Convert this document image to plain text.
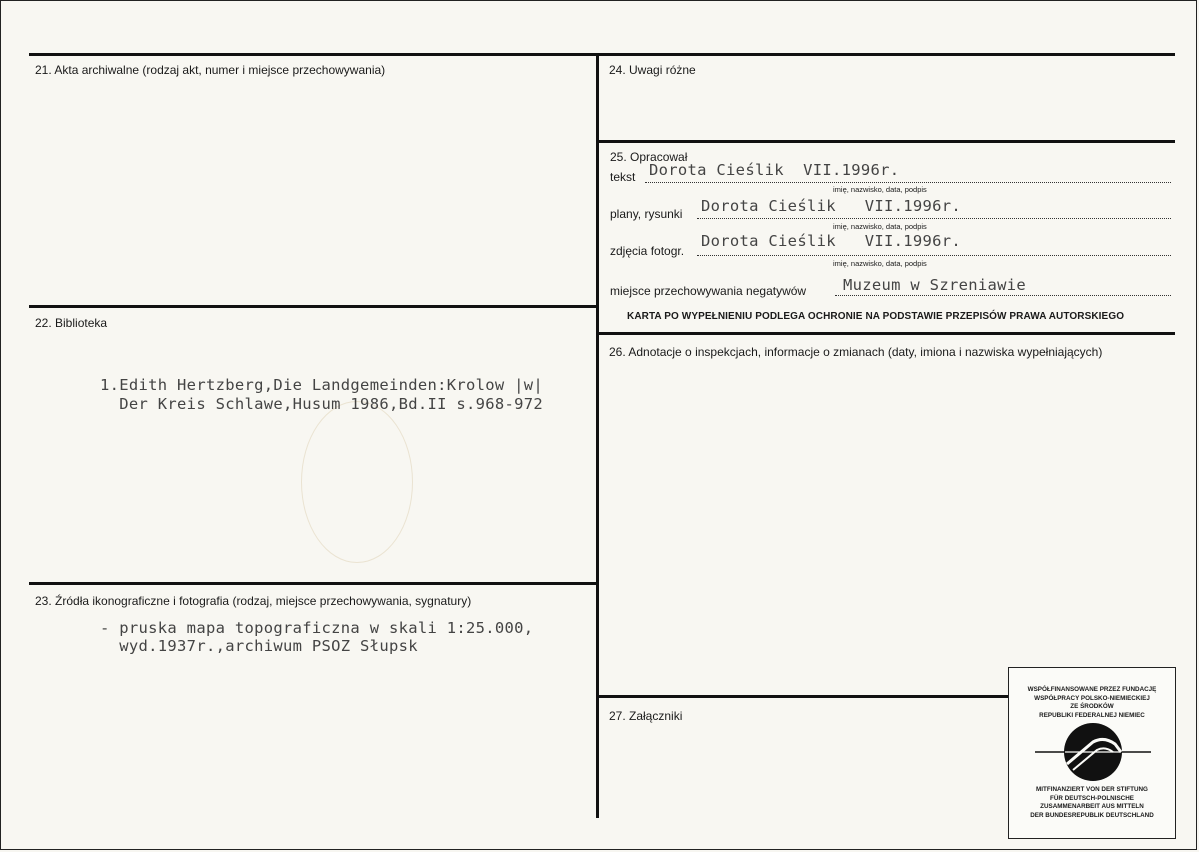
21. Akta archiwalne (rodzaj akt, numer i miejsce przechowywania)
22. Biblioteka
1.Edith Hertzberg,Die Landgemeinden:Krolow |w|
Der Kreis Schlawe,Husum 1986,Bd.II s.968-972
23. Źródła ikonograficzne i fotografia (rodzaj, miejsce przechowywania, sygnatury)
- pruska mapa topograficzna w skali 1:25.000,
wyd.1937r.,archiwum PSOZ Słupsk
24. Uwagi różne
25. Opracował
tekst Dorota Cieślik  VII.1996r.
imię, nazwisko, data, podpis
plany, rysunki Dorota Cieślik   VII.1996r.
imię, nazwisko, data, podpis
zdjęcia fotogr.
Dorota Cieślik   VII.1996r.
imię, nazwisko, data, podpis
miejsce przechowywania negatywów Muzeum w Szreniawie
KARTA PO WYPEŁNIENIU PODLEGA OCHRONIE NA PODSTAWIE PRZEPISÓW PRAWA AUTORSKIEGO
26. Adnotacje o inspekcjach, informacje o zmianach (daty, imiona i nazwiska wypełniających)
27. Załączniki
WSPÓŁFINANSOWANE PRZEZ FUNDACJĘ
WSPÓŁPRACY POLSKO-NIEMIECKIEJ
ZE ŚRODKÓW
REPUBLIKI FEDERALNEJ NIEMIEC
MITFINANZIERT VON DER STIFTUNG
FÜR DEUTSCH-POLNISCHE
ZUSAMMENARBEIT AUS MITTELN
DER BUNDESREPUBLIK DEUTSCHLAND
